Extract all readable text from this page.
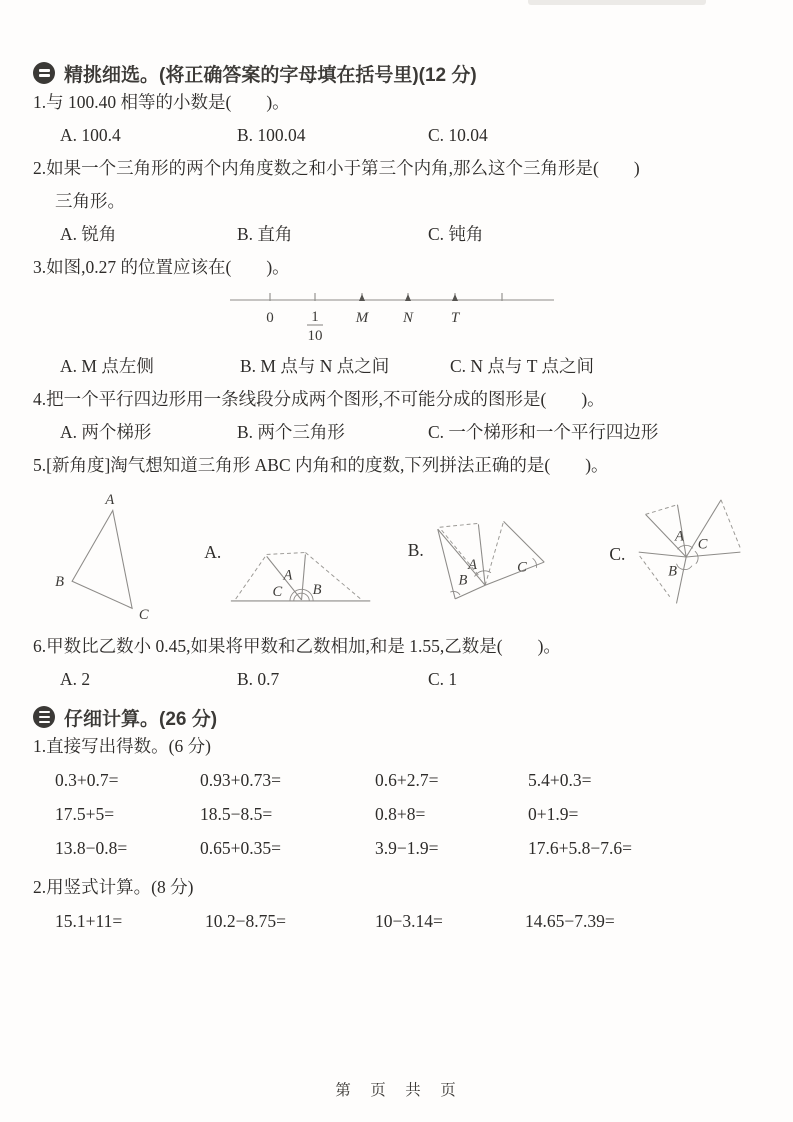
精挑细选。(将正确答案的字母填在括号里)(12 分)

1.与 100.40 相等的小数是(　　)。

A. 100.4	B. 100.04	C. 10.04

2.如果一个三角形的两个内角度数之和小于第三个内角,那么这个三角形是(　　)

三角形。

A. 锐角	B. 直角	C. 钝角

3.如图,0.27 的位置应该在(　　)。

0	1
10
M N	T
A. M 点左侧	B. M 点与 N 点之间	C. N 点与 T 点之间

4.把一个平行四边形用一条线段分成两个图形,不可能分成的图形是(　　)。

A. 两个梯形	B. 两个三角形	C. 一个梯形和一个平行四边形

5.[新角度]淘气想知道三角形 ABC 内角和的度数,下列拼法正确的是(　　)。

A
B
C
A.
A
C B
B.
A
B
C
C.
A C
B

6.甲数比乙数小 0.45,如果将甲数和乙数相加,和是 1.55,乙数是(　　)。

A. 2	B. 0.7	C. 1
仔细计算。(26 分)

1.直接写出得数。(6 分)

0.3+0.7=	0.93+0.73=	0.6+2.7=	5.4+0.3=
17.5+5=	18.5−8.5=	0.8+8=	0+1.9=
13.8−0.8=	0.65+0.35=	3.9−1.9=	17.6+5.8−7.6=

2.用竖式计算。(8 分)

15.1+11=	10.2−8.75=	10−3.14=	14.65−7.39=
第　页　共　页
